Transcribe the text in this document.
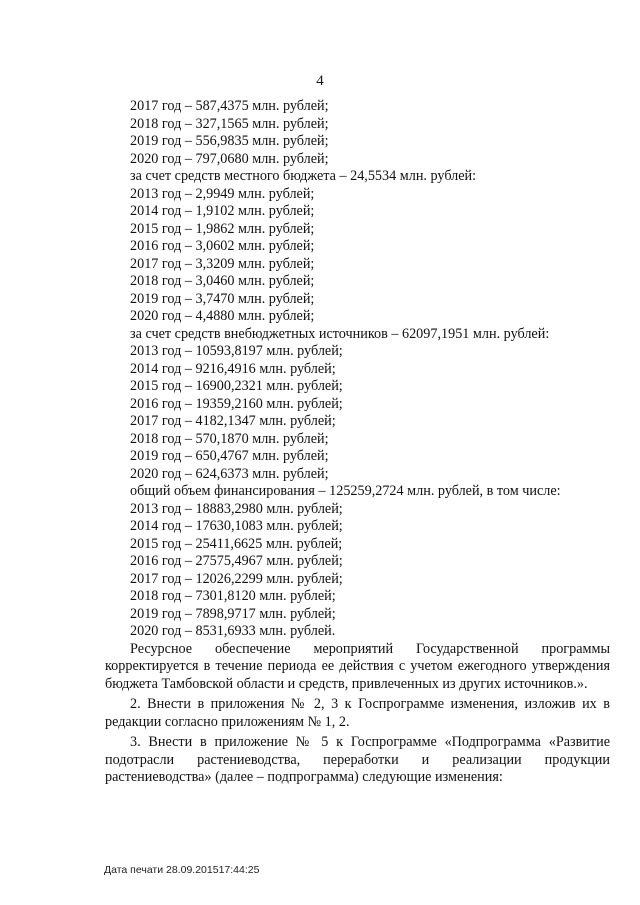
4
2017 год – 587,4375 млн. рублей;
2018 год – 327,1565 млн. рублей;
2019 год – 556,9835 млн. рублей;
2020 год – 797,0680 млн. рублей;
за счет средств местного бюджета – 24,5534 млн. рублей:
2013 год – 2,9949 млн. рублей;
2014 год – 1,9102 млн. рублей;
2015 год – 1,9862 млн. рублей;
2016 год – 3,0602 млн. рублей;
2017 год – 3,3209 млн. рублей;
2018 год – 3,0460 млн. рублей;
2019 год – 3,7470 млн. рублей;
2020 год – 4,4880 млн. рублей;
за счет средств внебюджетных источников – 62097,1951 млн. рублей:
2013 год – 10593,8197 млн. рублей;
2014 год – 9216,4916 млн. рублей;
2015 год – 16900,2321 млн. рублей;
2016 год – 19359,2160 млн. рублей;
2017 год – 4182,1347 млн. рублей;
2018 год – 570,1870 млн. рублей;
2019 год – 650,4767 млн. рублей;
2020 год – 624,6373 млн. рублей;
общий объем финансирования – 125259,2724 млн. рублей, в том числе:
2013 год – 18883,2980 млн. рублей;
2014 год – 17630,1083 млн. рублей;
2015 год – 25411,6625 млн. рублей;
2016 год – 27575,4967 млн. рублей;
2017 год – 12026,2299 млн. рублей;
2018 год – 7301,8120 млн. рублей;
2019 год – 7898,9717 млн. рублей;
2020 год – 8531,6933 млн. рублей.

Ресурсное обеспечение мероприятий Государственной программы корректируется в течение периода ее действия с учетом ежегодного утверждения бюджета Тамбовской области и средств, привлеченных из других источников.».

2. Внести в приложения № 2, 3 к Госпрограмме изменения, изложив их в редакции согласно приложениям № 1, 2.

3. Внести в приложение № 5 к Госпрограмме «Подпрограмма «Развитие подотрасли растениеводства, переработки и реализации продукции растениеводства» (далее – подпрограмма) следующие изменения:

Дата печати 28.09.201517:44:25
